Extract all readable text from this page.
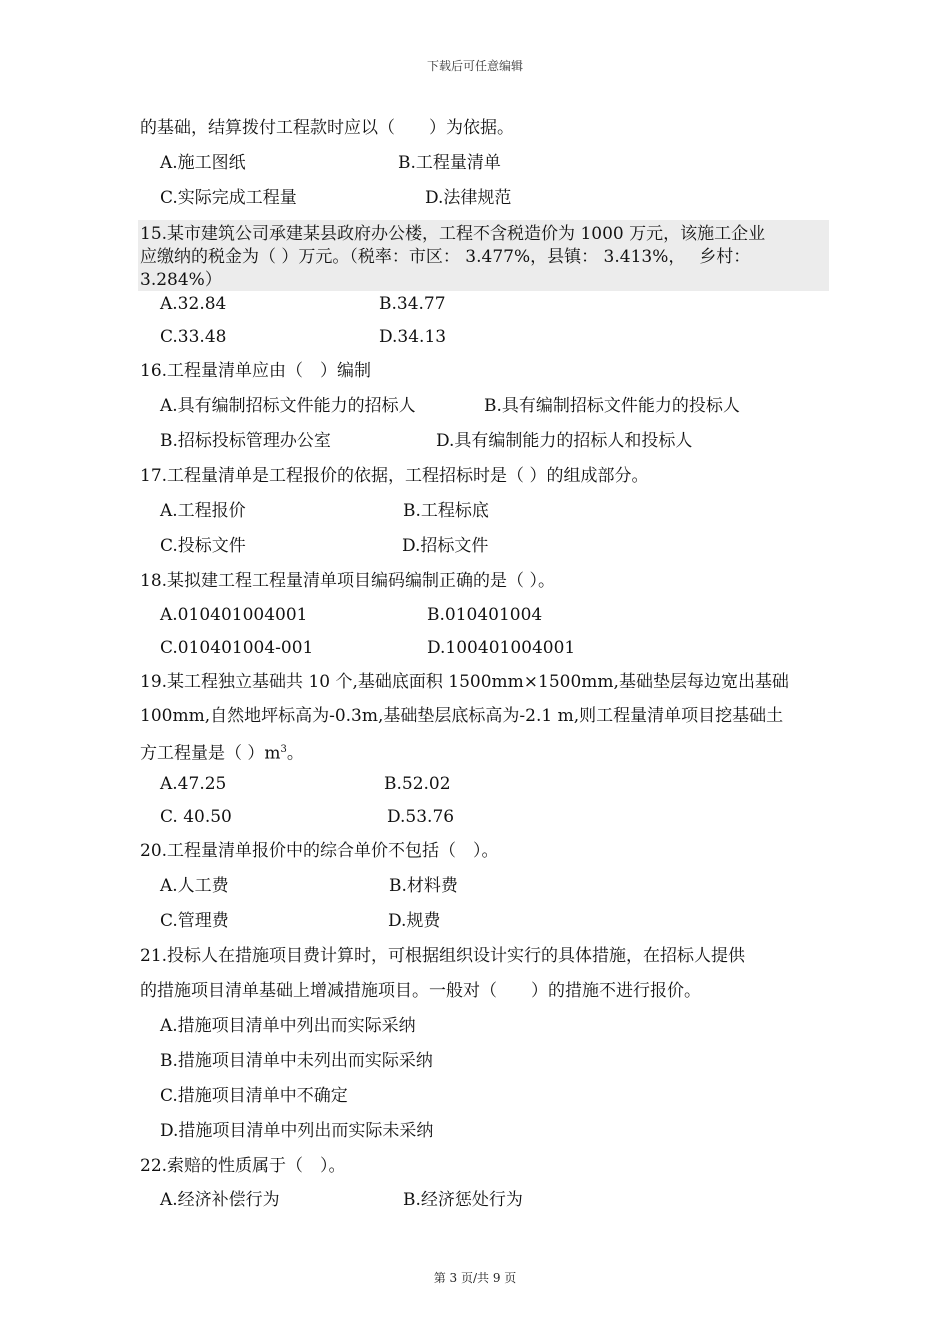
下载后可任意编辑
的基础，结算拨付工程款时应以（　　）为依据。
A.施工图纸	B.工程量清单
C.实际完成工程量	D.法律规范
15.某市建筑公司承建某县政府办公楼，工程不含税造价为 1000 万元，该施工企业
应缴纳的税金为（ ）万元。（税率：市区： 3.477%，县镇： 3.413%，　 乡村：
3.284%）
A.32.84	B.34.77
C.33.48	D.34.13
16.工程量清单应由（　）编制
A.具有编制招标文件能力的招标人	B.具有编制招标文件能力的投标人
B.招标投标管理办公室	D.具有编制能力的招标人和投标人
17.工程量清单是工程报价的依据，工程招标时是（ ）的组成部分。
A.工程报价	B.工程标底
C.投标文件	D.招标文件
18.某拟建工程工程量清单项目编码编制正确的是（ ）。
A.010401004001	B.010401004
C.010401004-001	D.100401004001
19.某工程独立基础共 10 个,基础底面积 1500mm×1500mm,基础垫层每边宽出基础
100mm,自然地坪标高为-0.3m,基础垫层底标高为-2.1 m,则工程量清单项目挖基础土
方工程量是（ ）$m^3$。
A.47.25	B.52.02
C. 40.50	D.53.76
20.工程量清单报价中的综合单价不包括（　）。
A.人工费	B.材料费
C.管理费	D.规费
21.投标人在措施项目费计算时，可根据组织设计实行的具体措施，在招标人提供
的措施项目清单基础上增减措施项目。一般对（　　）的措施不进行报价。
A.措施项目清单中列出而实际采纳
B.措施项目清单中未列出而实际采纳
C.措施项目清单中不确定
D.措施项目清单中列出而实际未采纳
22.索赔的性质属于（　）。
A.经济补偿行为	B.经济惩处行为
第 3 页/共 9 页
